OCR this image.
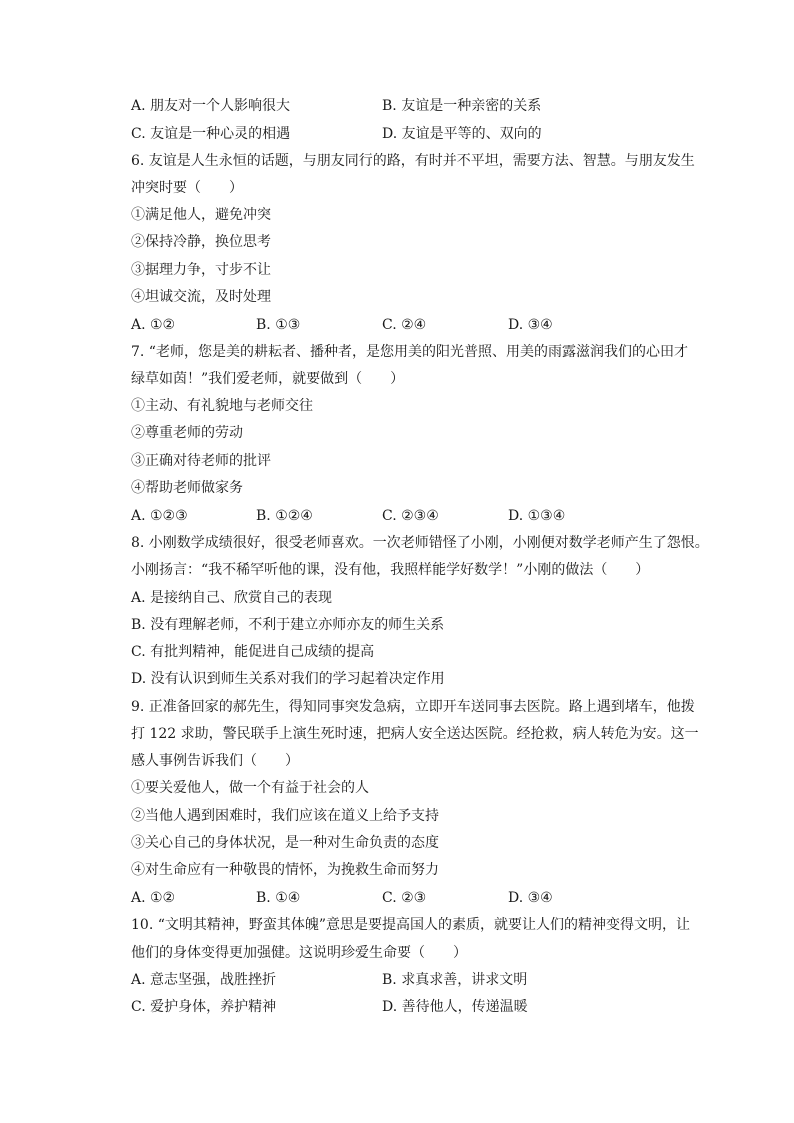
A. 朋友对一个人影响很大	B. 友谊是一种亲密的关系
C. 友谊是一种心灵的相遇	D. 友谊是平等的、双向的
6. 友谊是人生永恒的话题，与朋友同行的路，有时并不平坦，需要方法、智慧。与朋友发生
冲突时要（　　）
①满足他人，避免冲突
②保持冷静，换位思考
③据理力争，寸步不让
④坦诚交流，及时处理
A. ①②	B. ①③	C. ②④	D. ③④
7. “老师，您是美的耕耘者、播种者，是您用美的阳光普照、用美的雨露滋润我们的心田才
绿草如茵！”我们爱老师，就要做到（　　）
①主动、有礼貌地与老师交往
②尊重老师的劳动
③正确对待老师的批评
④帮助老师做家务
A. ①②③	B. ①②④	C. ②③④	D. ①③④
8. 小刚数学成绩很好，很受老师喜欢。一次老师错怪了小刚，小刚便对数学老师产生了怨恨。
小刚扬言：“我不稀罕听他的课，没有他，我照样能学好数学！”小刚的做法（　　）
A. 是接纳自己、欣赏自己的表现
B. 没有理解老师，不利于建立亦师亦友的师生关系
C. 有批判精神，能促进自己成绩的提高
D. 没有认识到师生关系对我们的学习起着决定作用
9. 正准备回家的郝先生，得知同事突发急病，立即开车送同事去医院。路上遇到堵车，他拨
打 122 求助，警民联手上演生死时速，把病人安全送达医院。经抢救，病人转危为安。这一
感人事例告诉我们（　　）
①要关爱他人，做一个有益于社会的人
②当他人遇到困难时，我们应该在道义上给予支持
③关心自己的身体状况，是一种对生命负责的态度
④对生命应有一种敬畏的情怀，为挽救生命而努力
A. ①②	B. ①④	C. ②③	D. ③④
10. “文明其精神，野蛮其体魄”意思是要提高国人的素质，就要让人们的精神变得文明，让
他们的身体变得更加强健。这说明珍爱生命要（　　）
A. 意志坚强，战胜挫折	B. 求真求善，讲求文明
C. 爱护身体，养护精神	D. 善待他人，传递温暖
